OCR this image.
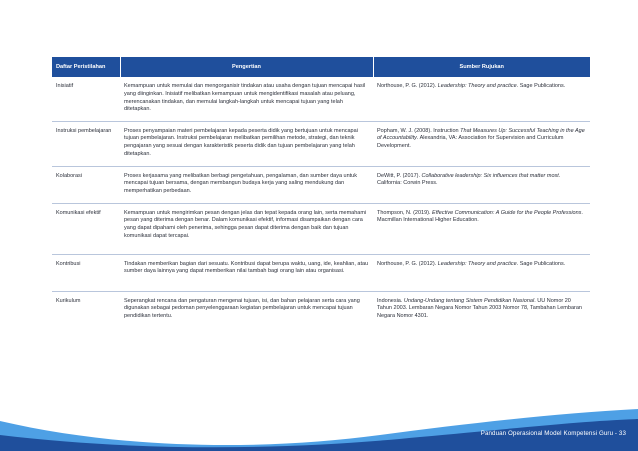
Daftar Peristilahan	Pengertian	Sumber Rujukan
Inisiatif	Kemampuan untuk memulai dan mengorganisir tindakan atau usaha dengan tujuan mencapai hasil yang diinginkan. Inisiatif melibatkan kemampuan untuk mengidentifikasi masalah atau peluang, merencanakan tindakan, dan memulai langkah-langkah untuk mencapai tujuan yang telah ditetapkan.	Northouse, P. G. (2012). Leadership: Theory and practice. Sage Publications.
Instruksi pembelajaran	Proses penyampaian materi pembelajaran kepada peserta didik yang bertujuan untuk mencapai tujuan pembelajaran. Instruksi pembelajaran melibatkan pemilihan metode, strategi, dan teknik pengajaran yang sesuai dengan karakteristik peserta didik dan tujuan pembelajaran yang telah ditetapkan.	Popham, W. J. (2008). Instruction That Measures Up: Successful Teaching in the Age of Accountability. Alexandria, VA: Association for Supervision and Curriculum Development.
Kolaborasi	Proses kerjasama yang melibatkan berbagi pengetahuan, pengalaman, dan sumber daya untuk mencapai tujuan bersama, dengan membangun budaya kerja yang saling mendukung dan memperhatikan perbedaan.	DeWitt, P. (2017). Collaborative leadership: Six influences that matter most. California: Corwin Press.
Komunikasi efektif	Kemampuan untuk mengirimkan pesan dengan jelas dan tepat kepada orang lain, serta memahami pesan yang diterima dengan benar. Dalam komunikasi efektif, informasi disampaikan dengan cara yang dapat dipahami oleh penerima, sehingga pesan dapat diterima dengan baik dan tujuan komunikasi dapat tercapai.	Thompson, N. (2019). Effective Communication: A Guide for the People Professions. Macmillan International Higher Education.
Kontribusi	Tindakan memberikan bagian dari sesuatu. Kontribusi dapat berupa waktu, uang, ide, keahlian, atau sumber daya lainnya yang dapat memberikan nilai tambah bagi orang lain atau organisasi.	Northouse, P. G. (2012). Leadership: Theory and practice. Sage Publications.
Kurikulum	Seperangkat rencana dan pengaturan mengenai tujuan, isi, dan bahan pelajaran serta cara yang digunakan sebagai pedoman penyelenggaraan kegiatan pembelajaran untuk mencapai tujuan pendidikan tertentu.	Indonesia. Undang-Undang tentang Sistem Pendidikan Nasional. UU Nomor 20 Tahun 2003. Lembaran Negara Nomor Tahun 2003 Nomor 78, Tambahan Lembaran Negara Nomor 4301.
Panduan Operasional Model Kompetensi Guru - 33
